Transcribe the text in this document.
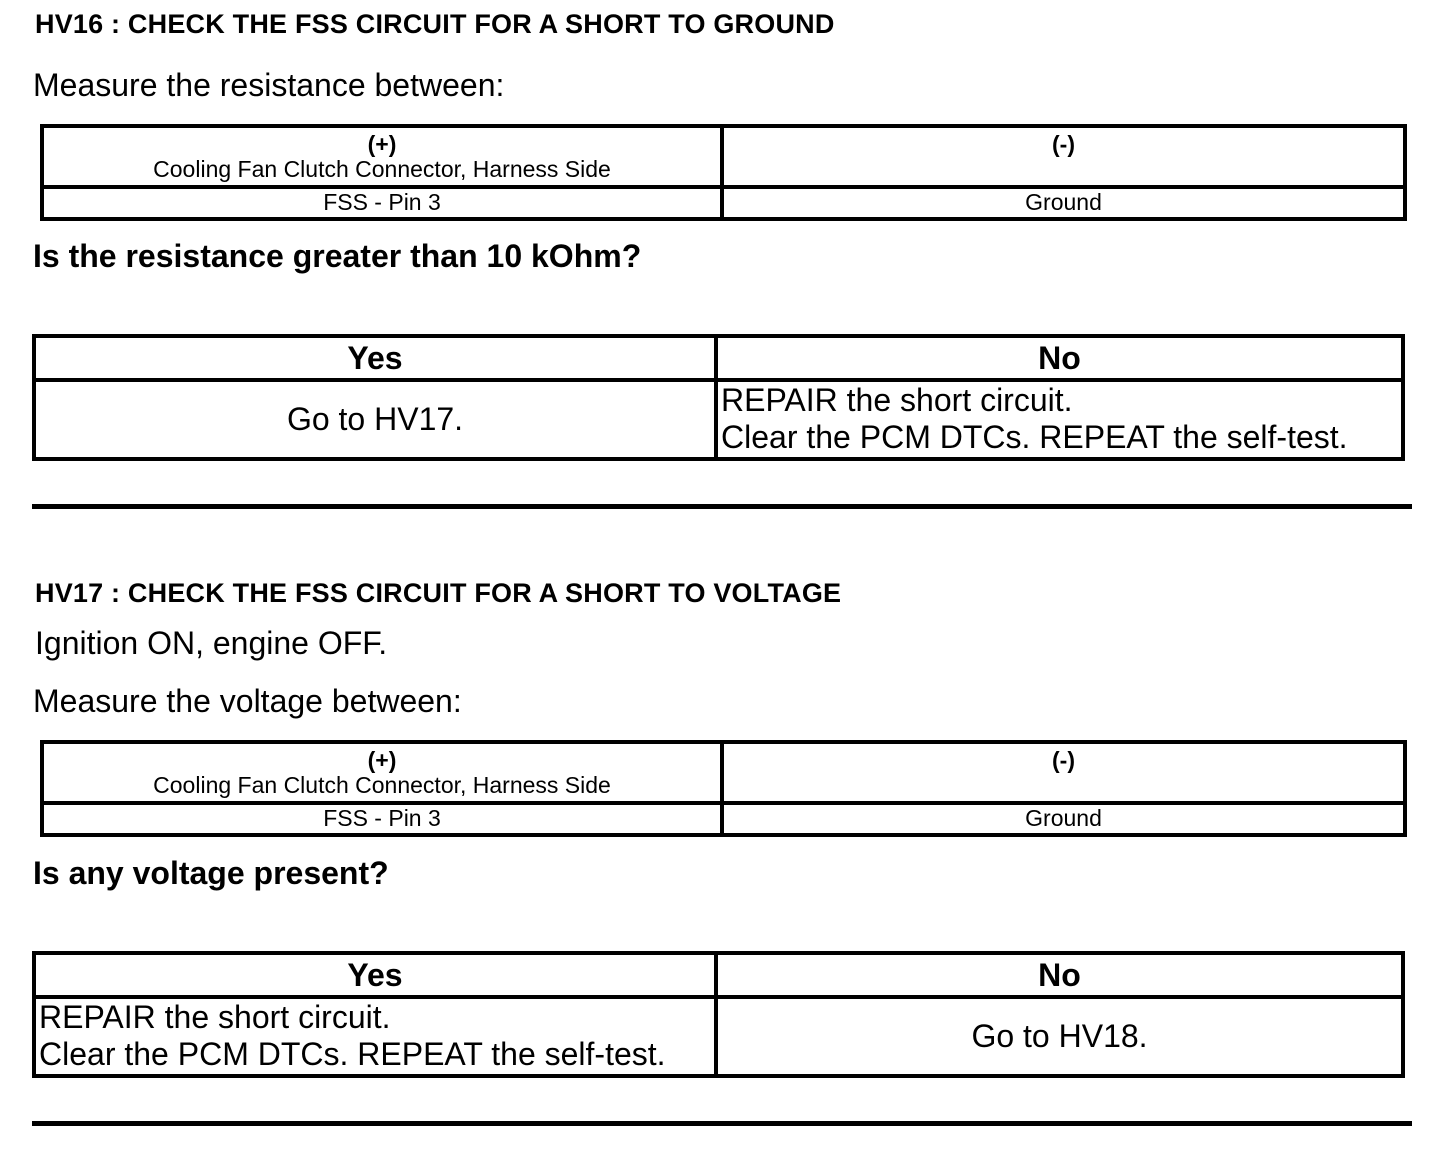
HV16 : CHECK THE FSS CIRCUIT FOR A SHORT TO GROUND
Measure the resistance between:
(+)
Cooling Fan Clutch Connector, Harness Side	(-)

FSS - Pin 3	Ground
Is the resistance greater than 10 kOhm?
Yes	No
Go to HV17.	REPAIR the short circuit.
Clear the PCM DTCs. REPEAT the self-test.
HV17 : CHECK THE FSS CIRCUIT FOR A SHORT TO VOLTAGE
Ignition ON, engine OFF.
Measure the voltage between:
(+)
Cooling Fan Clutch Connector, Harness Side	(-)

FSS - Pin 3	Ground
Is any voltage present?
Yes	No

REPAIR the short circuit.
Clear the PCM DTCs. REPEAT the self-test.	Go to HV18.
